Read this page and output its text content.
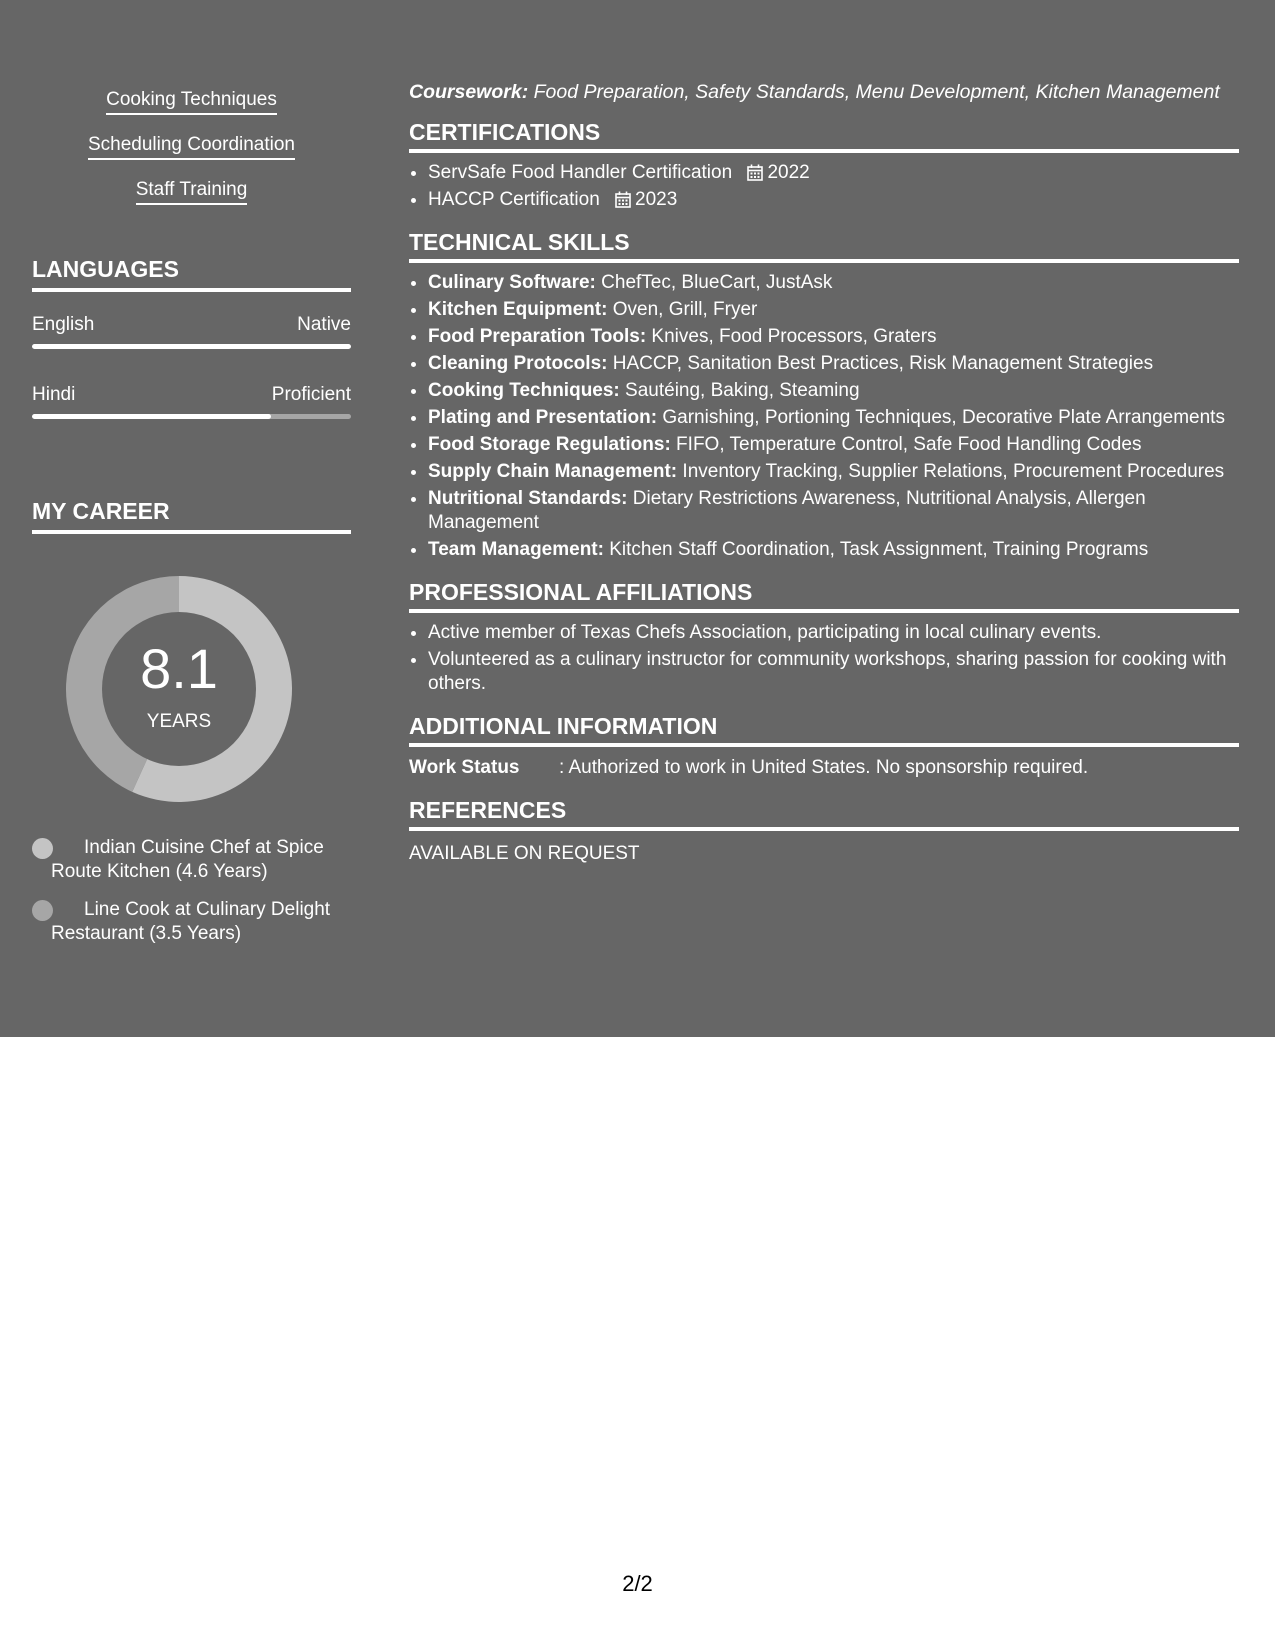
Cooking Techniques
Scheduling Coordination
Staff Training
LANGUAGES
English	Native
Hindi	Proficient
MY CAREER
8.1
YEARS
Indian Cuisine Chef at Spice Route Kitchen (4.6 Years)
Line Cook at Culinary Delight Restaurant (3.5 Years)
Coursework: Food Preparation, Safety Standards, Menu Development, Kitchen Management
CERTIFICATIONS
• ServSafe Food Handler Certification 2022
• HACCP Certification 2023
TECHNICAL SKILLS
• Culinary Software: ChefTec, BlueCart, JustAsk
• Kitchen Equipment: Oven, Grill, Fryer
• Food Preparation Tools: Knives, Food Processors, Graters
• Cleaning Protocols: HACCP, Sanitation Best Practices, Risk Management Strategies
• Cooking Techniques: Sautéing, Baking, Steaming
• Plating and Presentation: Garnishing, Portioning Techniques, Decorative Plate Arrangements
• Food Storage Regulations: FIFO, Temperature Control, Safe Food Handling Codes
• Supply Chain Management: Inventory Tracking, Supplier Relations, Procurement Procedures
• Nutritional Standards: Dietary Restrictions Awareness, Nutritional Analysis, Allergen Management
• Team Management: Kitchen Staff Coordination, Task Assignment, Training Programs
PROFESSIONAL AFFILIATIONS
• Active member of Texas Chefs Association, participating in local culinary events.
• Volunteered as a culinary instructor for community workshops, sharing passion for cooking with others.
ADDITIONAL INFORMATION
Work Status : Authorized to work in United States. No sponsorship required.
REFERENCES
AVAILABLE ON REQUEST
2/2
